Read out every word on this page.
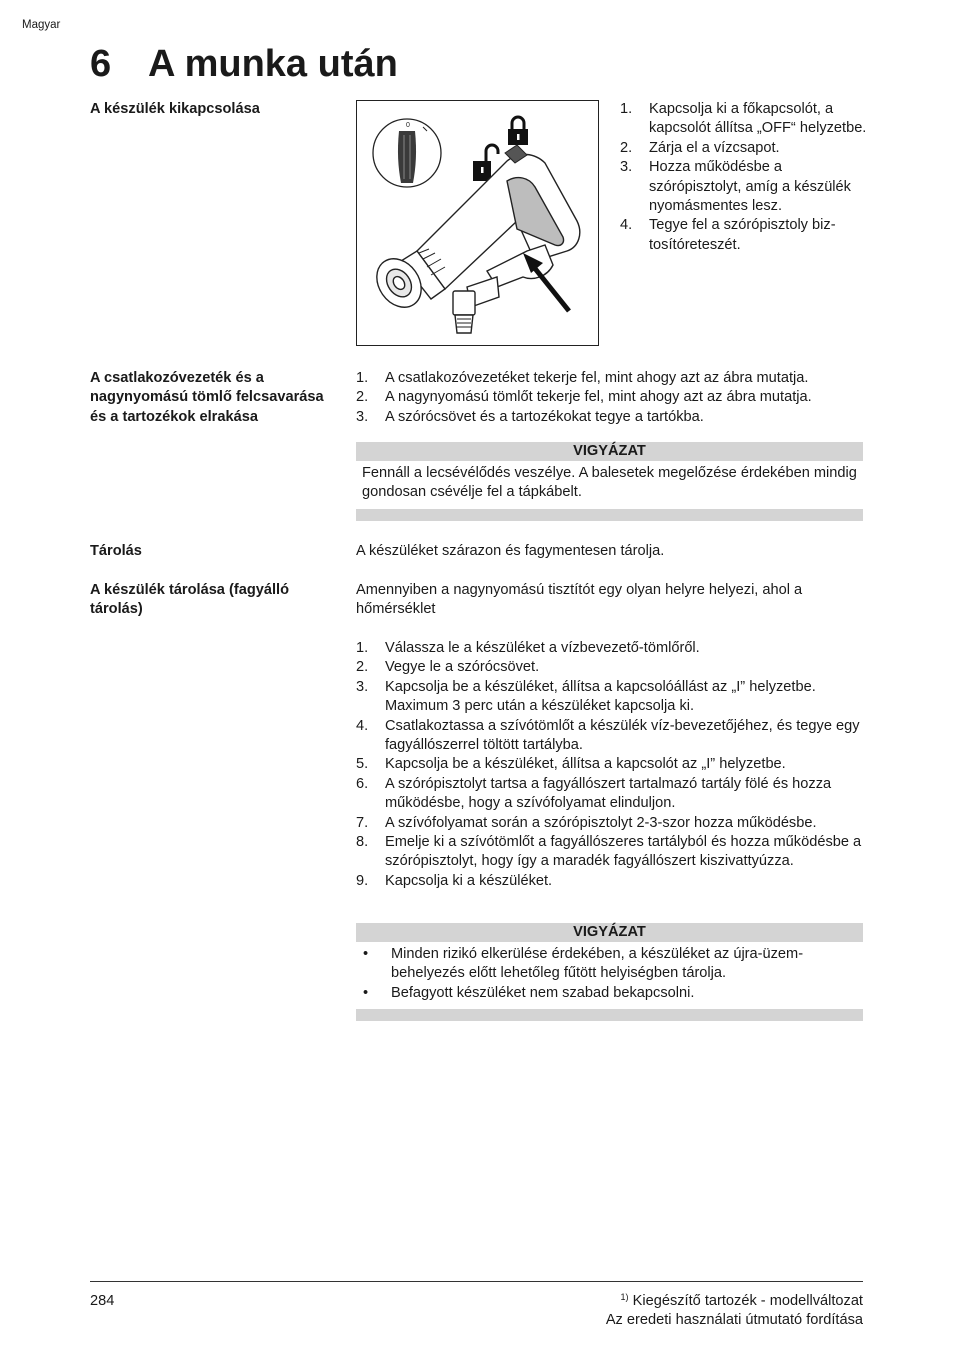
Magyar
6 A munka után
A készülék kikapcsolása
0
1. Kapcsolja ki a főkapcsolót, a kapcsolót állítsa „OFF“ helyzetbe.
2. Zárja el a vízcsapot.
3. Hozza működésbe a szórópisztolyt, amíg a készülék nyomásmentes lesz.
4. Tegye fel a szórópisztoly biz-tosítóreteszét.
A csatlakozóvezeték és a nagynyomású tömlő felcsavarása és a tartozékok elrakása
1. A csatlakozóvezetéket tekerje fel, mint ahogy azt az ábra mutatja.
2. A nagynyomású tömlőt tekerje fel, mint ahogy azt az ábra mutatja.
3. A szórócsövet és a tartozékokat tegye a tartókba.
VIGYÁZAT
Fennáll a lecsévélődés veszélye. A balesetek megelőzése érdekében mindig gondosan csévélje fel a tápkábelt.
Tárolás	A készüléket szárazon és fagymentesen tárolja.
A készülék tárolása (fagyálló tárolás)
Amennyiben a nagynyomású tisztítót egy olyan helyre helyezi, ahol a hőmérséklet
1. Válassza le a készüléket a vízbevezető-tömlőről.
2. Vegye le a szórócsövet.
3. Kapcsolja be a készüléket, állítsa a kapcsolóállást az „I” helyzetbe. Maximum 3 perc után a készüléket kapcsolja ki.
4. Csatlakoztassa a szívótömlőt a készülék víz-bevezetőjéhez, és tegye egy fagyállószerrel töltött tartályba.
5. Kapcsolja be a készüléket, állítsa a kapcsolót az „I” helyzetbe.
6. A szórópisztolyt tartsa a fagyállószert tartalmazó tartály fölé és hozza működésbe, hogy a szívófolyamat elinduljon.
7. A szívófolyamat során a szórópisztolyt 2-3-szor hozza működésbe.
8. Emelje ki a szívótömlőt a fagyállószeres tartályból és hozza működésbe a szórópisztolyt, hogy így a maradék fagyállószert kiszivattyúzza.
9. Kapcsolja ki a készüléket.
VIGYÁZAT
• Minden rizikó elkerülése érdekében, a készüléket az újra-üzem-behelyezés előtt lehetőleg fűtött helyiségben tárolja.
• Befagyott készüléket nem szabad bekapcsolni.
284	$^{1)}$ Kiegészítő tartozék - modellváltozat
Az eredeti használati útmutató fordítása
